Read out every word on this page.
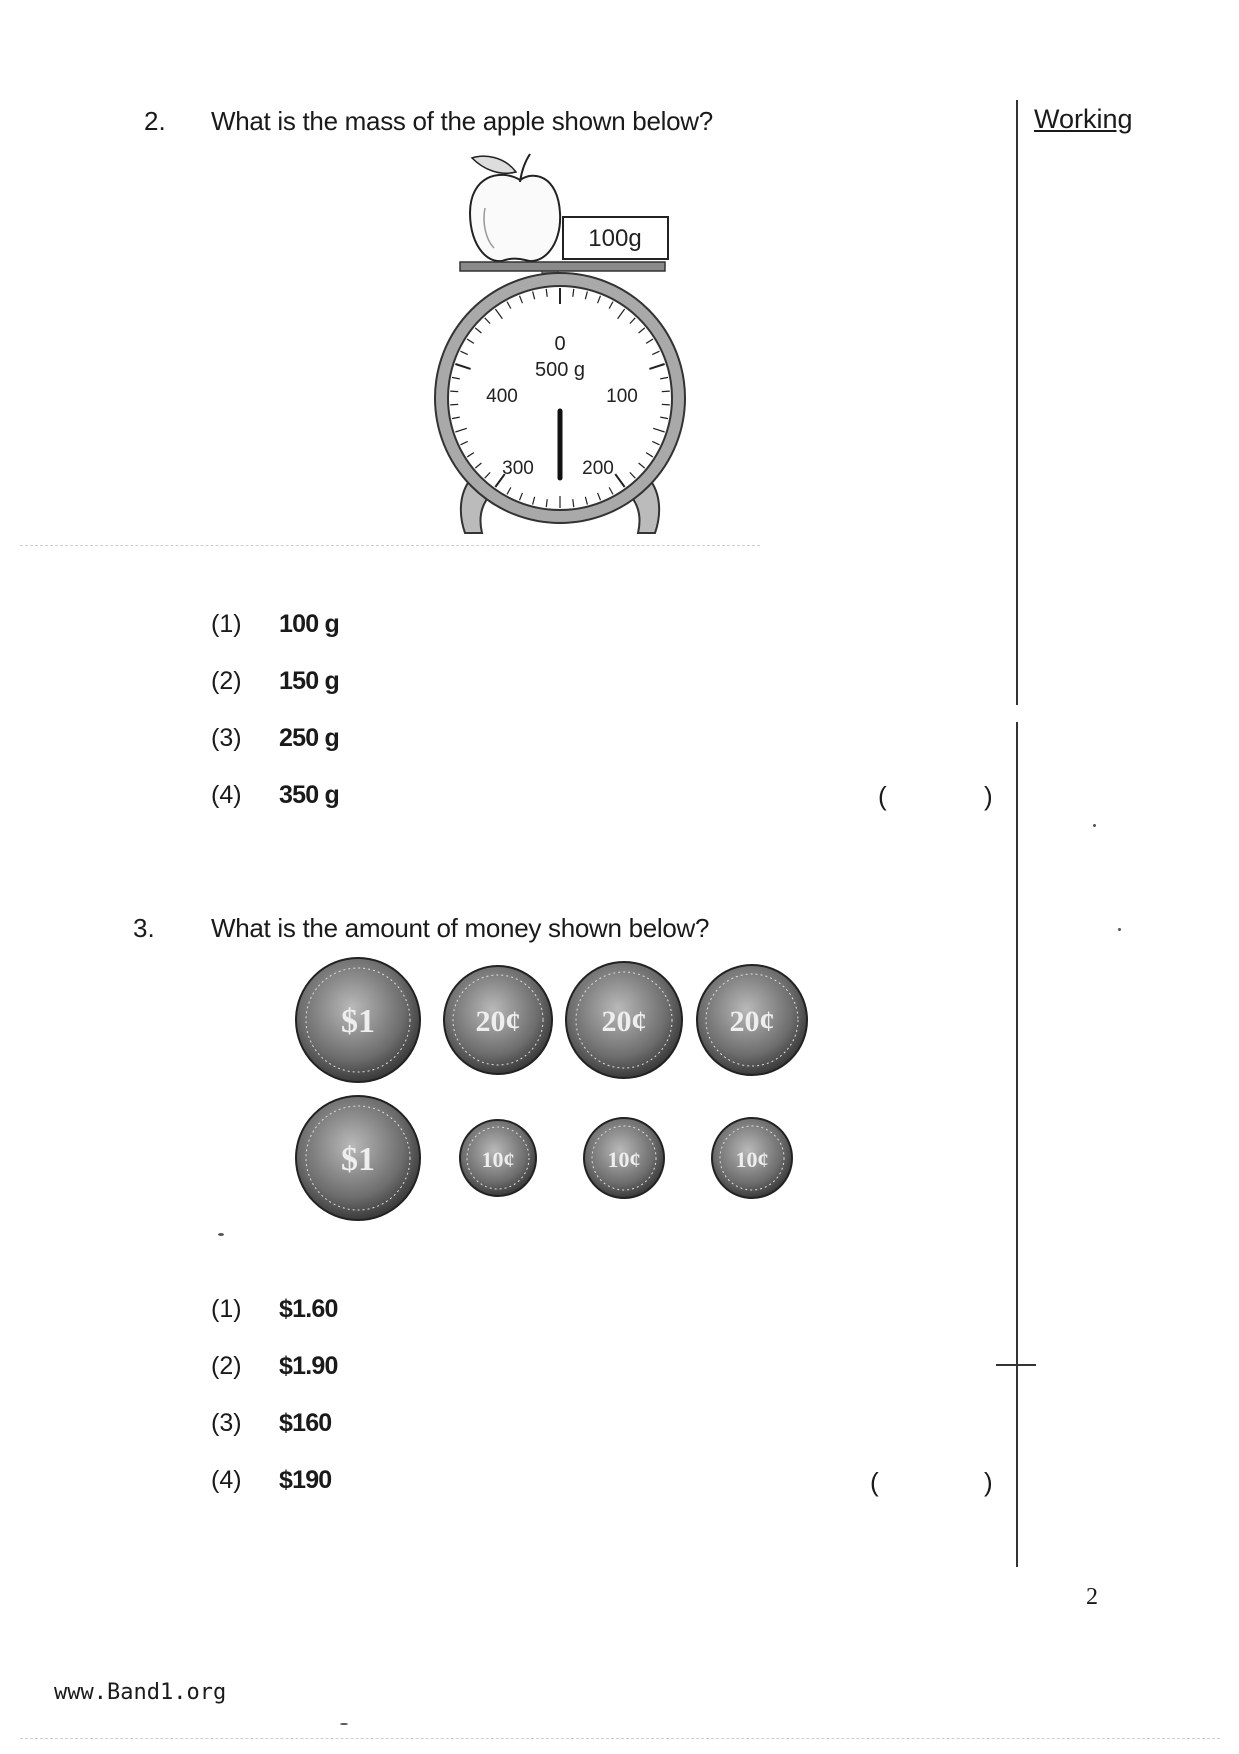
Working
2. What is the mass of the apple shown below?
100g
0
500 g
100
200
300
400
(1) 100 g
(2) 150 g
(3) 250 g
(4) 350 g	(	)
3. What is the amount of money shown below?
$1	20¢	20¢	20¢
$1	10¢	10¢	10¢
(1) $1.60
(2) $1.90
(3) $160
(4) $190	(	)
2
www.Band1.org
